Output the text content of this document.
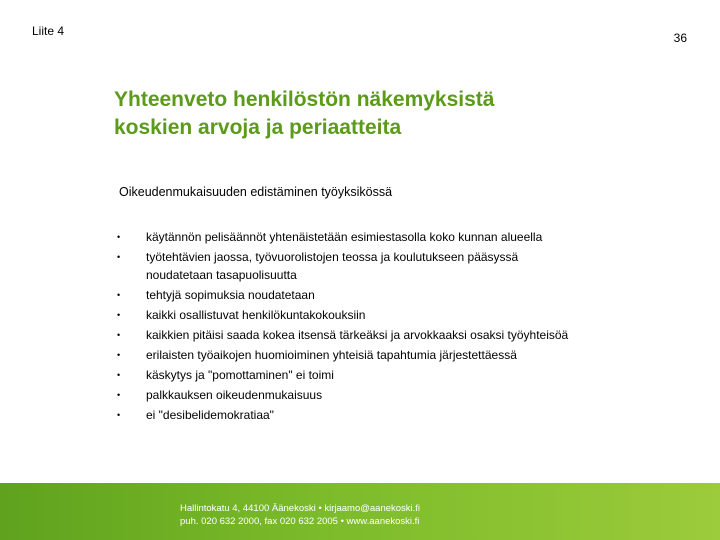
Liite 4	36
Yhteenveto henkilöstön näkemyksistä
koskien arvoja ja periaatteita
Oikeudenmukaisuuden edistäminen työyksikössä
•	käytännön pelisäännöt yhtenäistetään esimiestasolla koko kunnan alueella
•	työtehtävien jaossa, työvuorolistojen teossa ja koulutukseen pääsyssä
noudatetaan tasapuolisuutta
•	tehtyjä sopimuksia noudatetaan
•	kaikki osallistuvat henkilökuntakokouksiin
•	kaikkien pitäisi saada kokea itsensä tärkeäksi ja arvokkaaksi osaksi työyhteisöä
•	erilaisten työaikojen huomioiminen yhteisiä tapahtumia järjestettäessä
•	käskytys ja "pomottaminen" ei toimi
•	palkkauksen oikeudenmukaisuus
•	ei "desibelidemokratiaa"
Hallintokatu 4, 44100 Äänekoski • kirjaamo@aanekoski.fi
puh. 020 632 2000, fax 020 632 2005 • www.aanekoski.fi
